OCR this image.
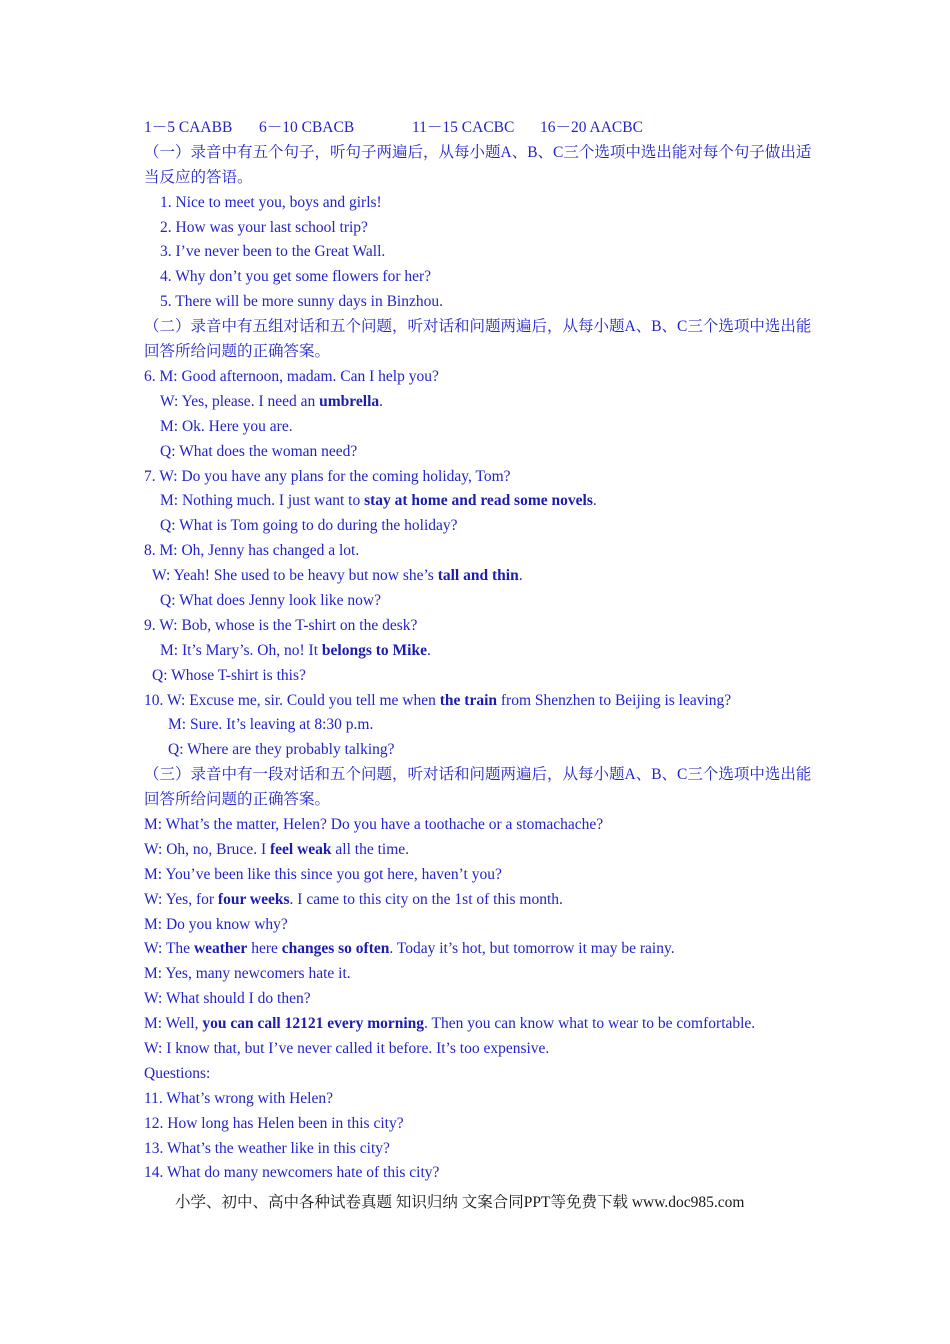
1－5 CAABB 6－10 CBACB	11－15 CACBC 16－20 AACBC
（一）录音中有五个句子，听句子两遍后，从每小题A、B、C三个选项中选出能对每个句子做出适当反应的答语。
1. Nice to meet you, boys and girls!
2. How was your last school trip?
3. I’ve never been to the Great Wall.
4. Why don’t you get some flowers for her?
5. There will be more sunny days in Binzhou.
（二）录音中有五组对话和五个问题，听对话和问题两遍后，从每小题A、B、C三个选项中选出能回答所给问题的正确答案。
6. M: Good afternoon, madam. Can I help you?
W: Yes, please. I need an umbrella.
M: Ok. Here you are.
Q: What does the woman need?
7. W: Do you have any plans for the coming holiday, Tom?
M: Nothing much. I just want to stay at home and read some novels.
Q: What is Tom going to do during the holiday?
8. M: Oh, Jenny has changed a lot.
W: Yeah! She used to be heavy but now she’s tall and thin.
Q: What does Jenny look like now?
9. W: Bob, whose is the T-shirt on the desk?
M: It’s Mary’s. Oh, no! It belongs to Mike.
Q: Whose T-shirt is this?
10. W: Excuse me, sir. Could you tell me when the train from Shenzhen to Beijing is leaving?
M: Sure. It’s leaving at 8:30 p.m.
Q: Where are they probably talking?
（三）录音中有一段对话和五个问题，听对话和问题两遍后，从每小题A、B、C三个选项中选出能回答所给问题的正确答案。
M: What’s the matter, Helen? Do you have a toothache or a stomachache?
W: Oh, no, Bruce. I feel weak all the time.
M: You’ve been like this since you got here, haven’t you?
W: Yes, for four weeks. I came to this city on the 1st of this month.
M: Do you know why?
W: The weather here changes so often. Today it’s hot, but tomorrow it may be rainy.
M: Yes, many newcomers hate it.
W: What should I do then?
M: Well, you can call 12121 every morning. Then you can know what to wear to be comfortable.
W: I know that, but I’ve never called it before. It’s too expensive.
Questions:
11. What’s wrong with Helen?
12. How long has Helen been in this city?
13. What’s the weather like in this city?
14. What do many newcomers hate of this city?
小学、初中、高中各种试卷真题 知识归纳 文案合同PPT等免费下载 www.doc985.com
